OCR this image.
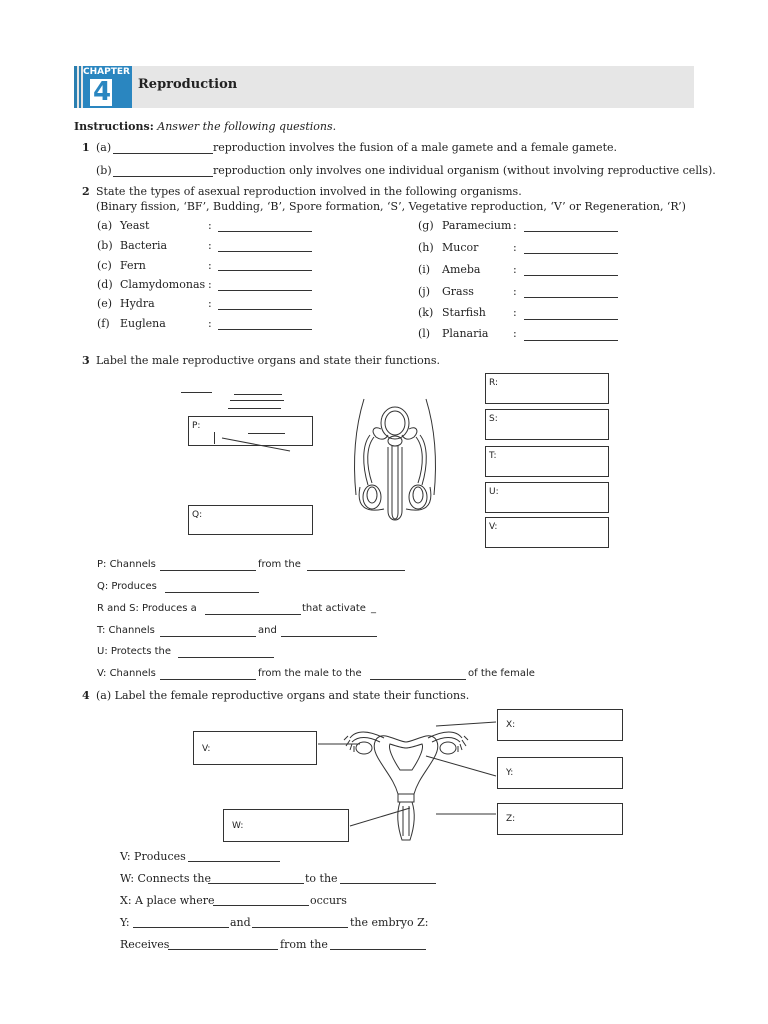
CHAPTER
4 Reproduction
Instructions: Answer the following questions.
1 (a)	reproduction involves the fusion of a male gamete and a female gamete.
(b)	reproduction only involves one individual organism (without involving reproductive cells).
2 State the types of asexual reproduction involved in the following organisms.
(Binary fission, ‘BF’, Budding, ‘B’, Spore formation, ‘S’, Vegetative reproduction, ‘V’ or Regeneration, ‘R’)
(a) Yeast	:
(b) Bacteria	:
(c) Fern	:
(d) Clamydomonas :
(e) Hydra	:
(f) Euglena	:
(g) Paramecium :
(h) Mucor	:
(i) Ameba	:
(j) Grass	:
(k) Starfish :
(l) Planaria :
3 Label the male reproductive organs and state their functions.
P:
Q:
R:
S:
T:
U:
V:
P: Channels	from the
Q: Produces
R and S: Produces a	that activate _
T: Channels	and
U: Protects the
V: Channels	from the male to the	of the female
4 (a) Label the female reproductive organs and state their functions.
V:
W:
X:
Y:
Z:
V: Produces
W: Connects the	to the
X: A place where	occurs
Y:	and	the embryo Z:
Receives	from the
